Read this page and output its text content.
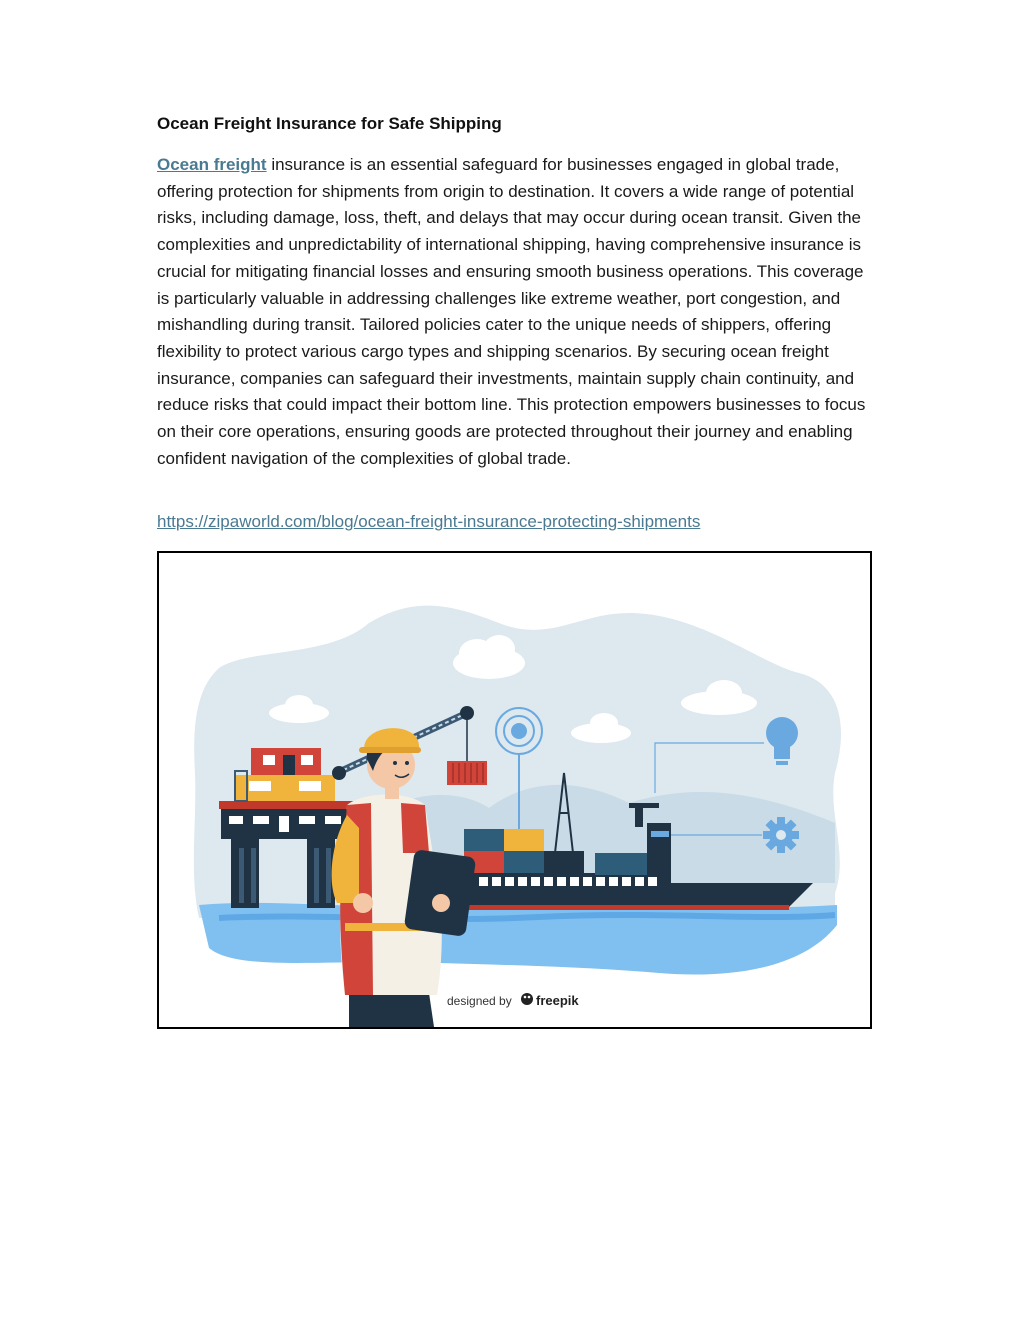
Ocean Freight Insurance for Safe Shipping
Ocean freight insurance is an essential safeguard for businesses engaged in global trade, offering protection for shipments from origin to destination. It covers a wide range of potential risks, including damage, loss, theft, and delays that may occur during ocean transit. Given the complexities and unpredictability of international shipping, having comprehensive insurance is crucial for mitigating financial losses and ensuring smooth business operations. This coverage is particularly valuable in addressing challenges like extreme weather, port congestion, and mishandling during transit. Tailored policies cater to the unique needs of shippers, offering flexibility to protect various cargo types and shipping scenarios. By securing ocean freight insurance, companies can safeguard their investments, maintain supply chain continuity, and reduce risks that could impact their bottom line. This protection empowers businesses to focus on their core operations, ensuring goods are protected throughout their journey and enabling confident navigation of the complexities of global trade.
https://zipaworld.com/blog/ocean-freight-insurance-protecting-shipments
designed by freepik
